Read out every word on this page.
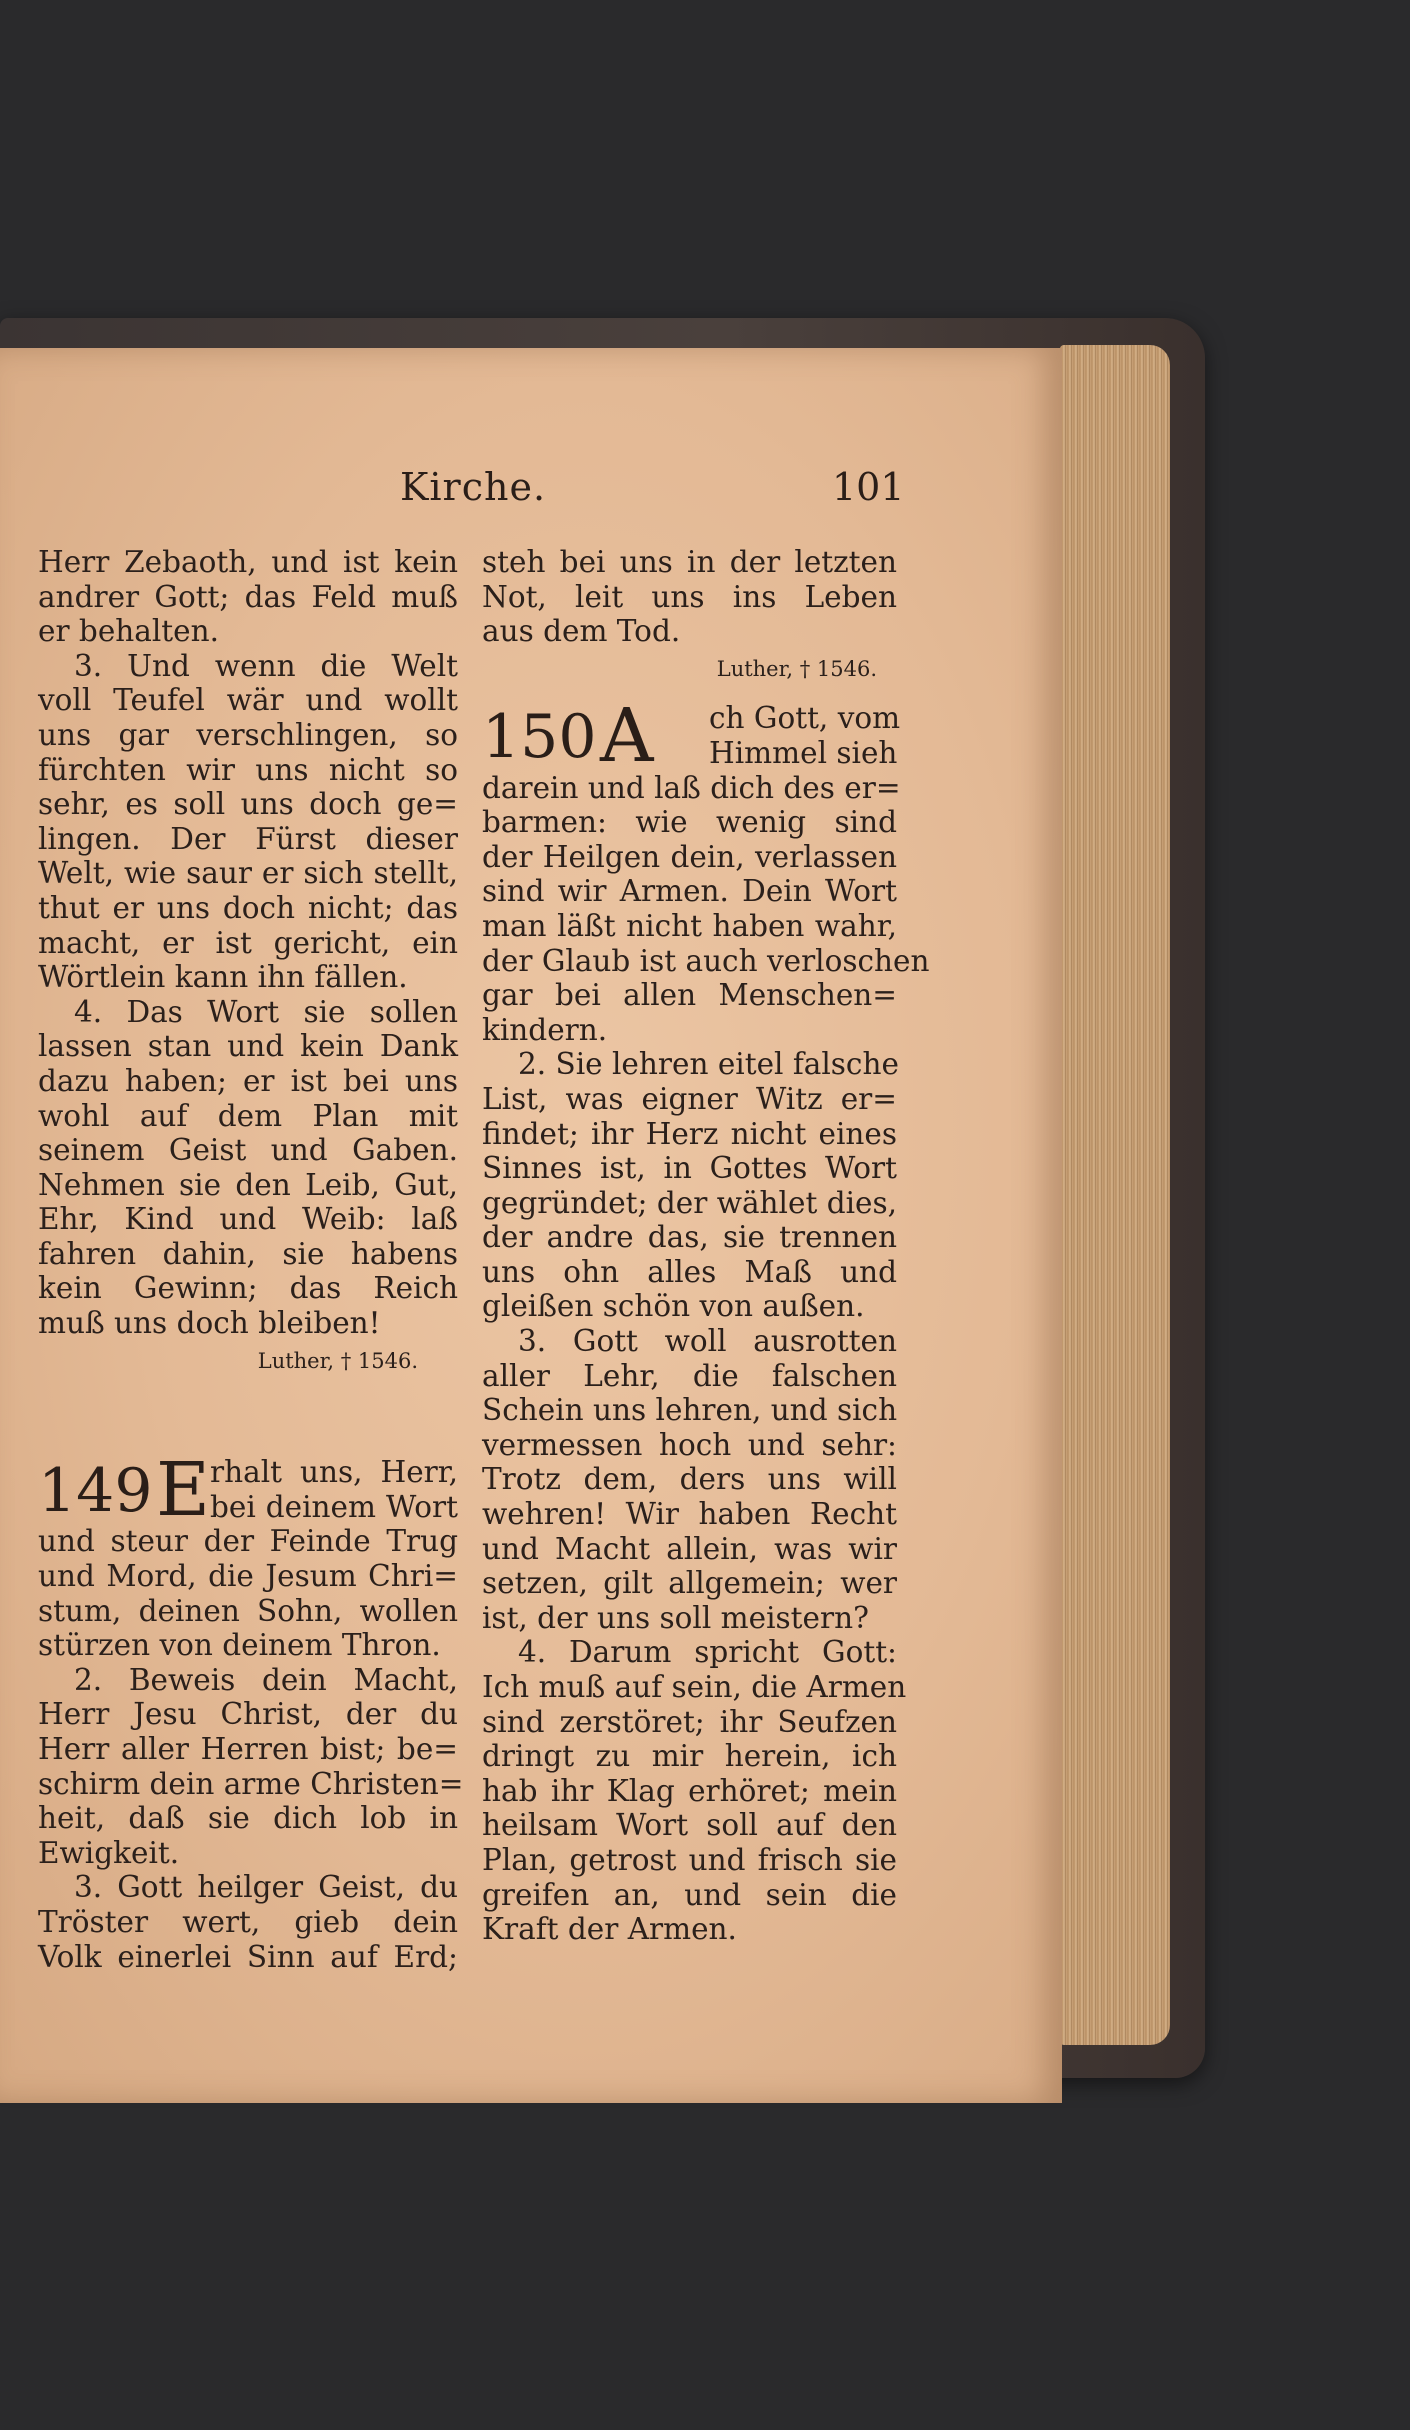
Kirche.	101
Herr Zebaoth, und ist kein
andrer Gott; das Feld muß
er behalten.
3. Und wenn die Welt
voll Teufel wär und wollt
uns gar verschlingen, so
fürchten wir uns nicht so
sehr, es soll uns doch ge=
lingen. Der Fürst dieser
Welt, wie saur er sich stellt,
thut er uns doch nicht; das
macht, er ist gericht, ein
Wörtlein kann ihn fällen.
4. Das Wort sie sollen
lassen stan und kein Dank
dazu haben; er ist bei uns
wohl auf dem Plan mit
seinem Geist und Gaben.
Nehmen sie den Leib, Gut,
Ehr, Kind und Weib: laß
fahren dahin, sie habens
kein Gewinn; das Reich
muß uns doch bleiben!
Luther, † 1546.
149 E rhalt uns, Herr,
bei deinem Wort
und steur der Feinde Trug
und Mord, die Jesum Chri=
stum, deinen Sohn, wollen
stürzen von deinem Thron.
2. Beweis dein Macht,
Herr Jesu Christ, der du
Herr aller Herren bist; be=
schirm dein arme Christen=
heit, daß sie dich lob in
Ewigkeit.
3. Gott heilger Geist, du
Tröster wert, gieb dein
Volk einerlei Sinn auf Erd;
steh bei uns in der letzten
Not, leit uns ins Leben
aus dem Tod.
Luther, † 1546.
150 A ch Gott, vom
Himmel sieh
darein und laß dich des er=
barmen: wie wenig sind
der Heilgen dein, verlassen
sind wir Armen. Dein Wort
man läßt nicht haben wahr,
der Glaub ist auch verloschen
gar bei allen Menschen=
kindern.
2. Sie lehren eitel falsche
List, was eigner Witz er=
findet; ihr Herz nicht eines
Sinnes ist, in Gottes Wort
gegründet; der wählet dies,
der andre das, sie trennen
uns ohn alles Maß und
gleißen schön von außen.
3. Gott woll ausrotten
aller Lehr, die falschen
Schein uns lehren, und sich
vermessen hoch und sehr:
Trotz dem, ders uns will
wehren! Wir haben Recht
und Macht allein, was wir
setzen, gilt allgemein; wer
ist, der uns soll meistern?
4. Darum spricht Gott:
Ich muß auf sein, die Armen
sind zerstöret; ihr Seufzen
dringt zu mir herein, ich
hab ihr Klag erhöret; mein
heilsam Wort soll auf den
Plan, getrost und frisch sie
greifen an, und sein die
Kraft der Armen.
